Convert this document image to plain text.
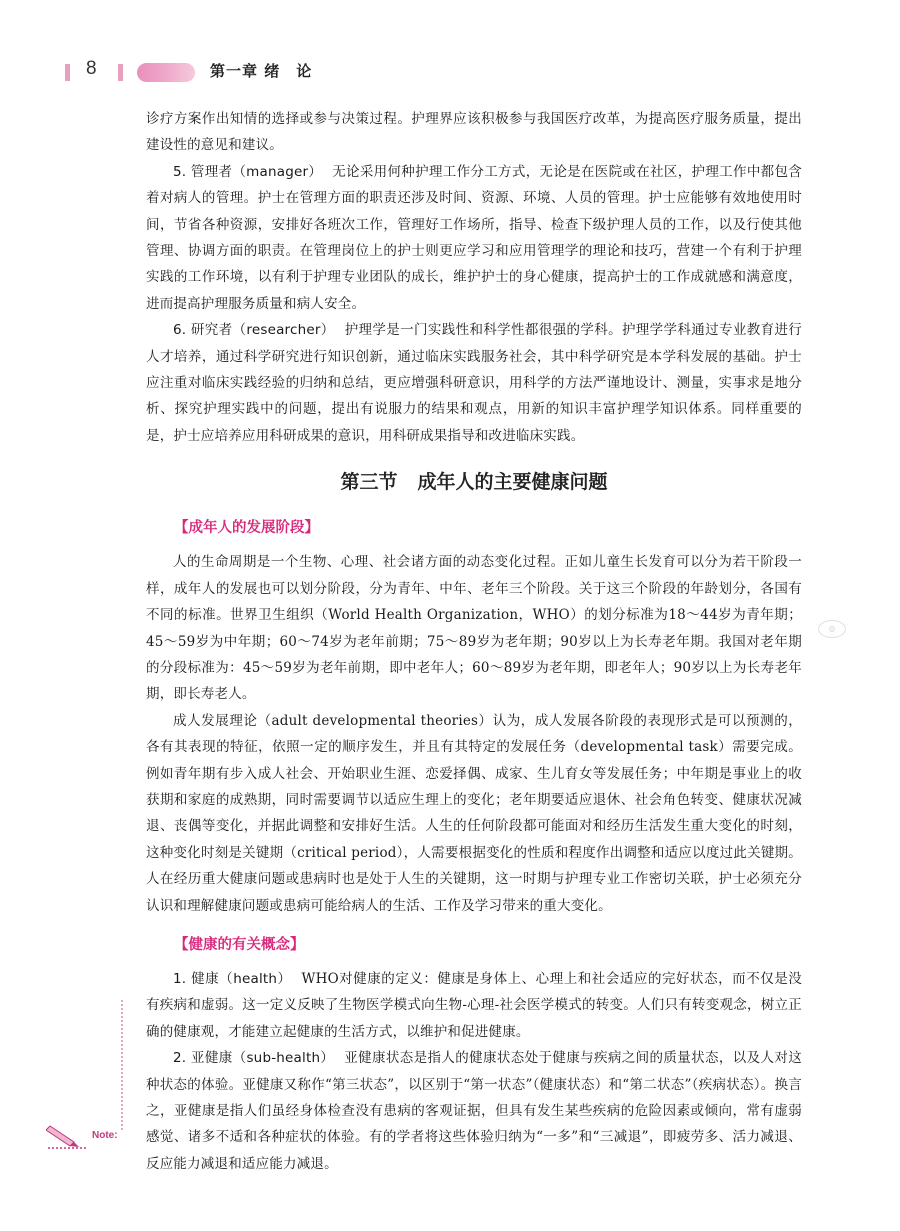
8	第一章 绪　论

诊疗方案作出知情的选择或参与决策过程。护理界应该积极参与我国医疗改革，为提高医疗服务质量，提出建设性的意见和建议。

5. 管理者（manager） 无论采用何种护理工作分工方式，无论是在医院或在社区，护理工作中都包含着对病人的管理。护士在管理方面的职责还涉及时间、资源、环境、人员的管理。护士应能够有效地使用时间，节省各种资源，安排好各班次工作，管理好工作场所，指导、检查下级护理人员的工作，以及行使其他管理、协调方面的职责。在管理岗位上的护士则更应学习和应用管理学的理论和技巧，营建一个有利于护理实践的工作环境，以有利于护理专业团队的成长，维护护士的身心健康，提高护士的工作成就感和满意度，进而提高护理服务质量和病人安全。

6. 研究者（researcher） 护理学是一门实践性和科学性都很强的学科。护理学学科通过专业教育进行人才培养，通过科学研究进行知识创新，通过临床实践服务社会，其中科学研究是本学科发展的基础。护士应注重对临床实践经验的归纳和总结，更应增强科研意识，用科学的方法严谨地设计、测量，实事求是地分析、探究护理实践中的问题，提出有说服力的结果和观点，用新的知识丰富护理学知识体系。同样重要的是，护士应培养应用科研成果的意识，用科研成果指导和改进临床实践。

第三节 成年人的主要健康问题
【成年人的发展阶段】

人的生命周期是一个生物、心理、社会诸方面的动态变化过程。正如儿童生长发育可以分为若干阶段一样，成年人的发展也可以划分阶段，分为青年、中年、老年三个阶段。关于这三个阶段的年龄划分，各国有不同的标准。世界卫生组织（World Health Organization，WHO）的划分标准为18～44岁为青年期；45～59岁为中年期；60～74岁为老年前期；75～89岁为老年期；90岁以上为长寿老年期。我国对老年期的分段标准为：45～59岁为老年前期，即中老年人；60～89岁为老年期，即老年人；90岁以上为长寿老年期，即长寿老人。

成人发展理论（adult developmental theories）认为，成人发展各阶段的表现形式是可以预测的，各有其表现的特征，依照一定的顺序发生，并且有其特定的发展任务（developmental task）需要完成。例如青年期有步入成人社会、开始职业生涯、恋爱择偶、成家、生儿育女等发展任务；中年期是事业上的收获期和家庭的成熟期，同时需要调节以适应生理上的变化；老年期要适应退休、社会角色转变、健康状况减退、丧偶等变化，并据此调整和安排好生活。人生的任何阶段都可能面对和经历生活发生重大变化的时刻，这种变化时刻是关键期（critical period），人需要根据变化的性质和程度作出调整和适应以度过此关键期。人在经历重大健康问题或患病时也是处于人生的关键期，这一时期与护理专业工作密切关联，护士必须充分认识和理解健康问题或患病可能给病人的生活、工作及学习带来的重大变化。

【健康的有关概念】

1. 健康（health） WHO对健康的定义：健康是身体上、心理上和社会适应的完好状态，而不仅是没有疾病和虚弱。这一定义反映了生物医学模式向生物-心理-社会医学模式的转变。人们只有转变观念，树立正确的健康观，才能建立起健康的生活方式，以维护和促进健康。

2. 亚健康（sub-health） 亚健康状态是指人的健康状态处于健康与疾病之间的质量状态，以及人对这种状态的体验。亚健康又称作“第三状态”，以区别于“第一状态”（健康状态）和“第二状态”（疾病状态）。换言之，亚健康是指人们虽经身体检查没有患病的客观证据，但具有发生某些疾病的危险因素或倾向，常有虚弱感觉、诸多不适和各种症状的体验。有的学者将这些体验归纳为“一多”和“三减退”，即疲劳多、活力减退、反应能力减退和适应能力减退。

◎
Note:
